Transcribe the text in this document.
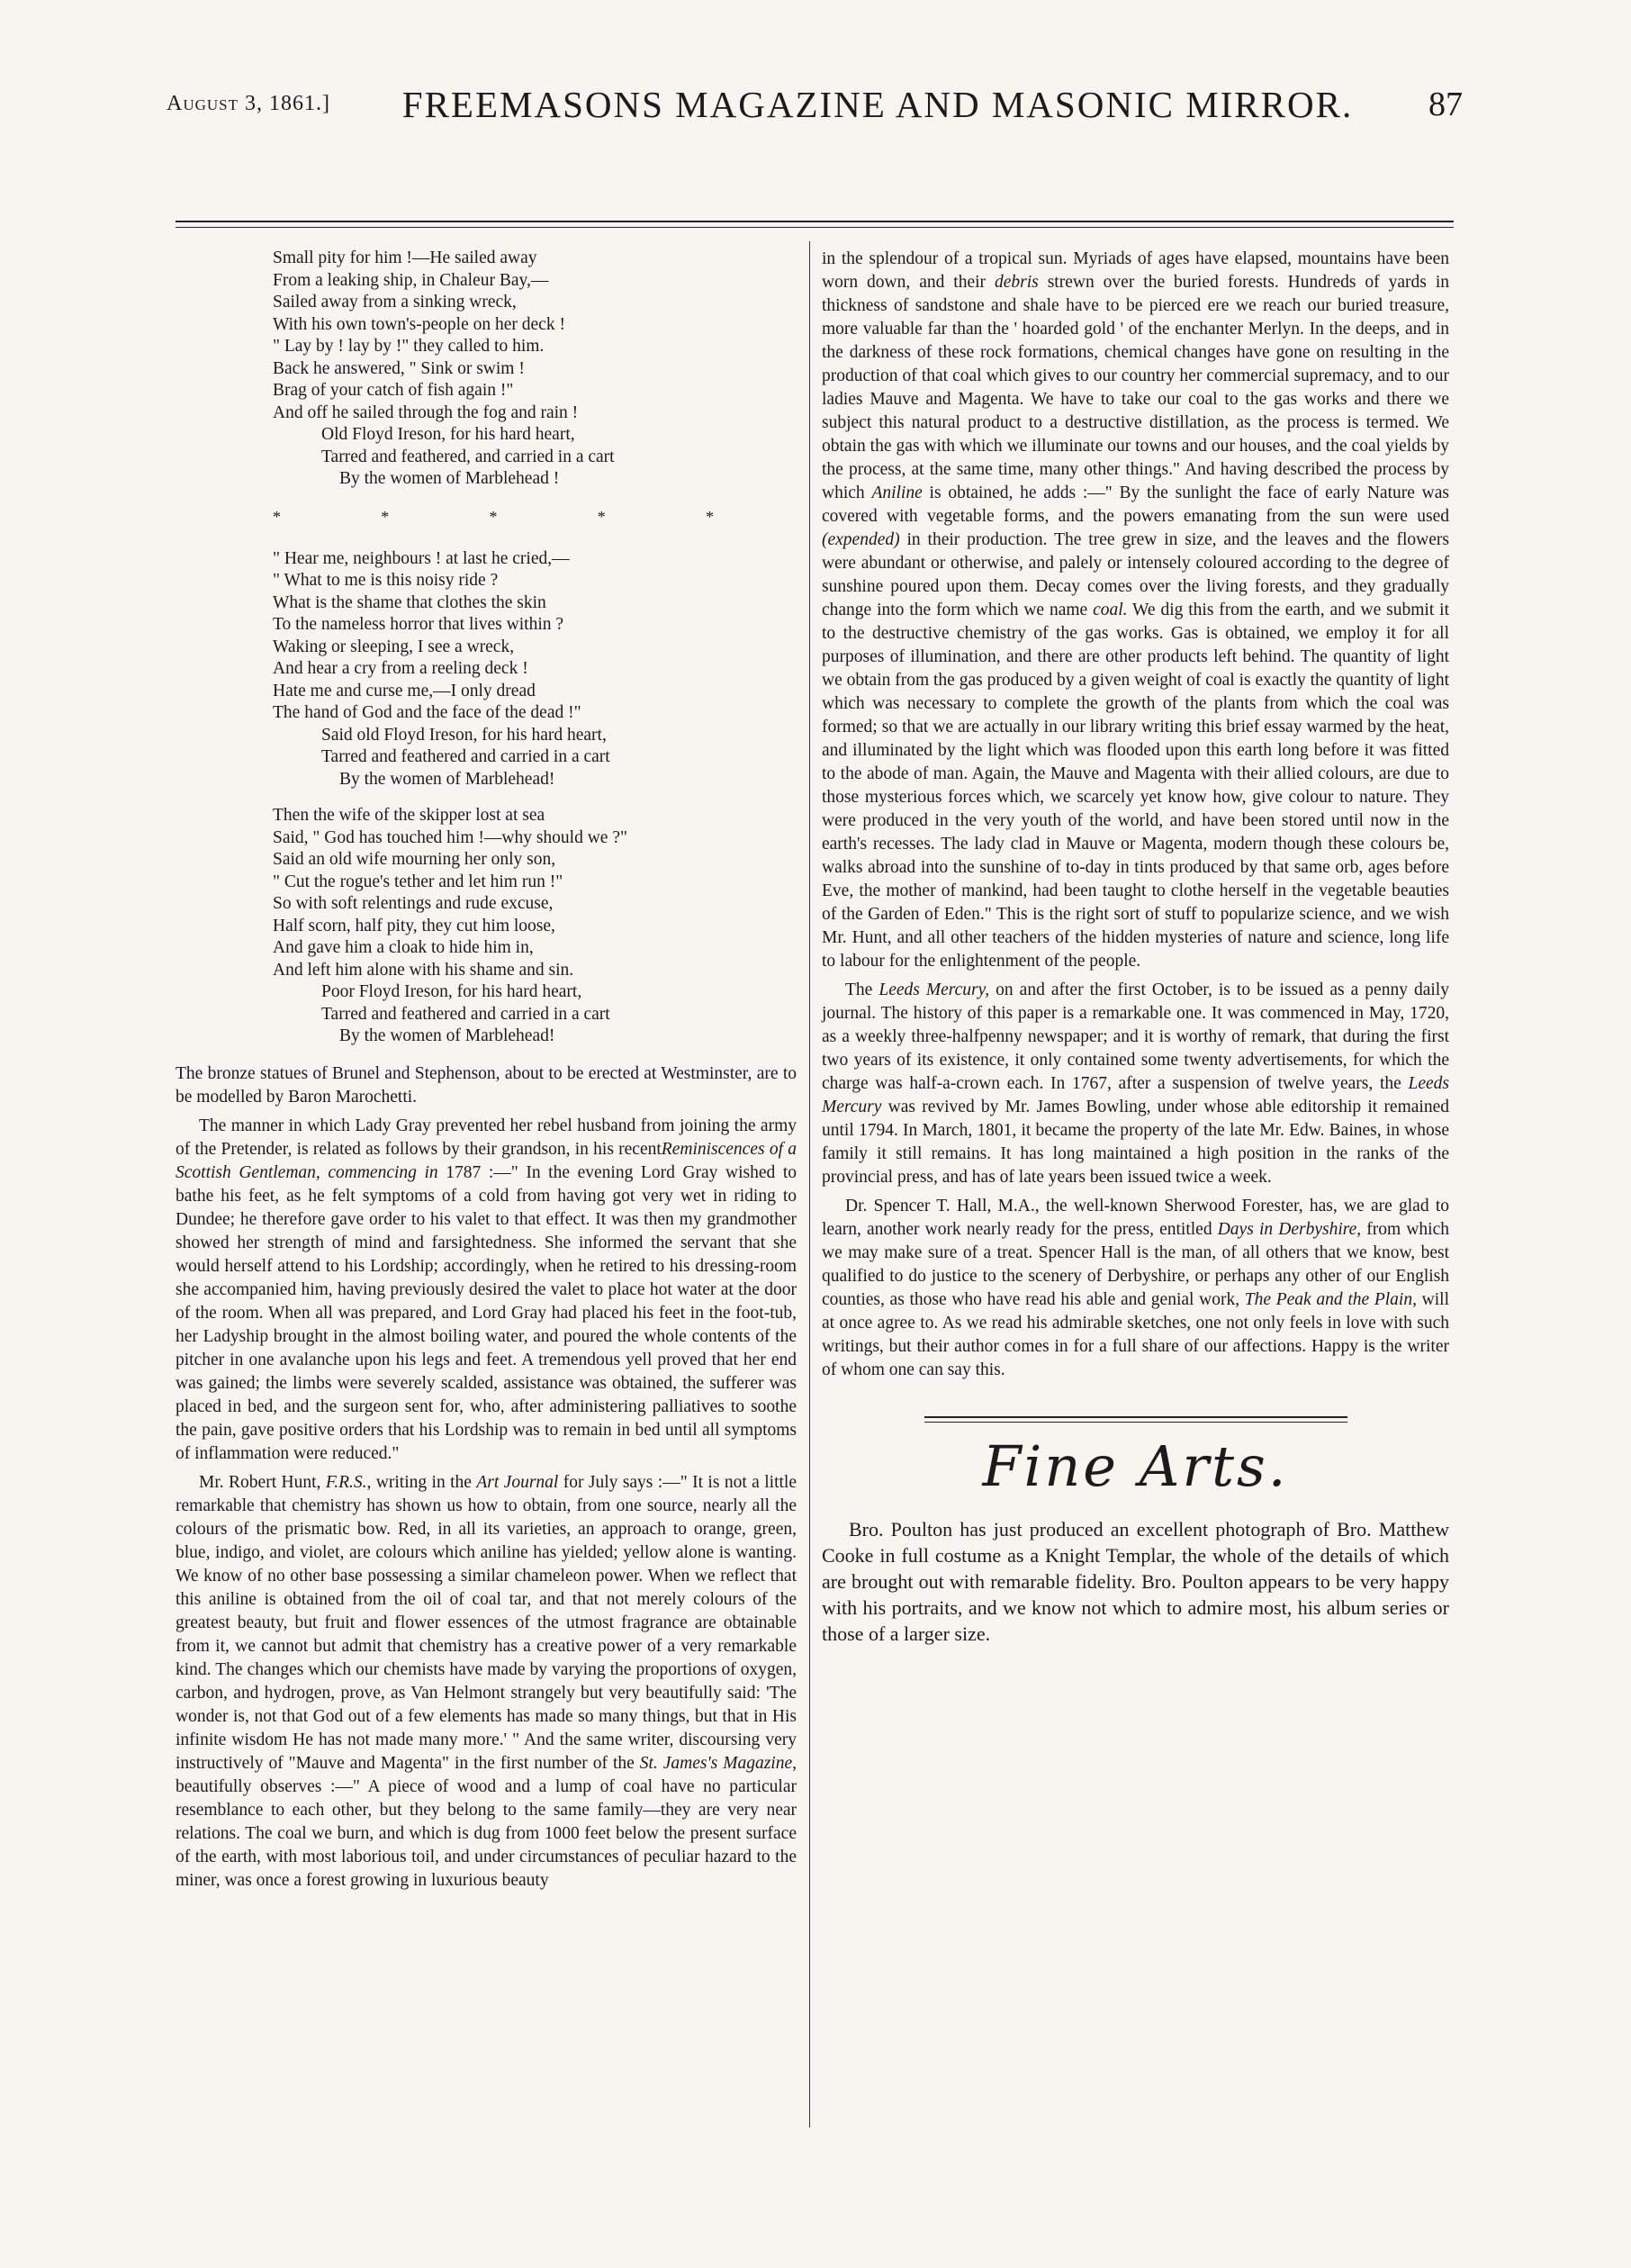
August 3, 1861.]	FREEMASONS MAGAZINE AND MASONIC MIRROR.	87
Small pity for him !—He sailed away
From a leaking ship, in Chaleur Bay,—
Sailed away from a sinking wreck,
With his own town's-people on her deck !
" Lay by ! lay by !" they called to him.
Back he answered, " Sink or swim !
Brag of your catch of fish again !"
And off he sailed through the fog and rain !
Old Floyd Ireson, for his hard heart,
Tarred and feathered, and carried in a cart
By the women of Marblehead !
*	*	*	*	*
" Hear me, neighbours ! at last he cried,—
" What to me is this noisy ride ?
What is the shame that clothes the skin
To the nameless horror that lives within ?
Waking or sleeping, I see a wreck,
And hear a cry from a reeling deck !
Hate me and curse me,—I only dread
The hand of God and the face of the dead !"
Said old Floyd Ireson, for his hard heart,
Tarred and feathered and carried in a cart
By the women of Marblehead!
Then the wife of the skipper lost at sea
Said, " God has touched him !—why should we ?"
Said an old wife mourning her only son,
" Cut the rogue's tether and let him run !"
So with soft relentings and rude excuse,
Half scorn, half pity, they cut him loose,
And gave him a cloak to hide him in,
And left him alone with his shame and sin.
Poor Floyd Ireson, for his hard heart,
Tarred and feathered and carried in a cart
By the women of Marblehead!

The bronze statues of Brunel and Stephenson, about to be erected at Westminster, are to be modelled by Baron Marochetti.

The manner in which Lady Gray prevented her rebel husband from joining the army of the Pretender, is related as follows by their grandson, in his recentReminiscences of a Scottish Gentleman, commencing in 1787 :—" In the evening Lord Gray wished to bathe his feet, as he felt symptoms of a cold from having got very wet in riding to Dundee; he therefore gave order to his valet to that effect. It was then my grandmother showed her strength of mind and farsightedness. She informed the servant that she would herself attend to his Lordship; accordingly, when he retired to his dressing-room she accompanied him, having previously desired the valet to place hot water at the door of the room. When all was prepared, and Lord Gray had placed his feet in the foot-tub, her Ladyship brought in the almost boiling water, and poured the whole contents of the pitcher in one avalanche upon his legs and feet. A tremendous yell proved that her end was gained; the limbs were severely scalded, assistance was obtained, the sufferer was placed in bed, and the surgeon sent for, who, after administering palliatives to soothe the pain, gave positive orders that his Lordship was to remain in bed until all symptoms of inflammation were reduced."

Mr. Robert Hunt, F.R.S., writing in the Art Journal for July says :—" It is not a little remarkable that chemistry has shown us how to obtain, from one source, nearly all the colours of the prismatic bow. Red, in all its varieties, an approach to orange, green, blue, indigo, and violet, are colours which aniline has yielded; yellow alone is wanting. We know of no other base possessing a similar chameleon power. When we reflect that this aniline is obtained from the oil of coal tar, and that not merely colours of the greatest beauty, but fruit and flower essences of the utmost fragrance are obtainable from it, we cannot but admit that chemistry has a creative power of a very remarkable kind. The changes which our chemists have made by varying the proportions of oxygen, carbon, and hydrogen, prove, as Van Helmont strangely but very beautifully said: 'The wonder is, not that God out of a few elements has made so many things, but that in His infinite wisdom He has not made many more.' " And the same writer, discoursing very instructively of "Mauve and Magenta" in the first number of the St. James's Magazine, beautifully observes :—" A piece of wood and a lump of coal have no particular resemblance to each other, but they belong to the same family—they are very near relations. The coal we burn, and which is dug from 1000 feet below the present surface of the earth, with most laborious toil, and under circumstances of peculiar hazard to the miner, was once a forest growing in luxurious beauty

in the splendour of a tropical sun. Myriads of ages have elapsed, mountains have been worn down, and their debris strewn over the buried forests. Hundreds of yards in thickness of sandstone and shale have to be pierced ere we reach our buried treasure, more valuable far than the ' hoarded gold ' of the enchanter Merlyn. In the deeps, and in the darkness of these rock formations, chemical changes have gone on resulting in the production of that coal which gives to our country her commercial supremacy, and to our ladies Mauve and Magenta. We have to take our coal to the gas works and there we subject this natural product to a destructive distillation, as the process is termed. We obtain the gas with which we illuminate our towns and our houses, and the coal yields by the process, at the same time, many other things." And having described the process by which Aniline is obtained, he adds :—" By the sunlight the face of early Nature was covered with vegetable forms, and the powers emanating from the sun were used (expended) in their production. The tree grew in size, and the leaves and the flowers were abundant or otherwise, and palely or intensely coloured according to the degree of sunshine poured upon them. Decay comes over the living forests, and they gradually change into the form which we name coal. We dig this from the earth, and we submit it to the destructive chemistry of the gas works. Gas is obtained, we employ it for all purposes of illumination, and there are other products left behind. The quantity of light we obtain from the gas produced by a given weight of coal is exactly the quantity of light which was necessary to complete the growth of the plants from which the coal was formed; so that we are actually in our library writing this brief essay warmed by the heat, and illuminated by the light which was flooded upon this earth long before it was fitted to the abode of man. Again, the Mauve and Magenta with their allied colours, are due to those mysterious forces which, we scarcely yet know how, give colour to nature. They were produced in the very youth of the world, and have been stored until now in the earth's recesses. The lady clad in Mauve or Magenta, modern though these colours be, walks abroad into the sunshine of to-day in tints produced by that same orb, ages before Eve, the mother of mankind, had been taught to clothe herself in the vegetable beauties of the Garden of Eden." This is the right sort of stuff to popularize science, and we wish Mr. Hunt, and all other teachers of the hidden mysteries of nature and science, long life to labour for the enlightenment of the people.

The Leeds Mercury, on and after the first October, is to be issued as a penny daily journal. The history of this paper is a remarkable one. It was commenced in May, 1720, as a weekly three-halfpenny newspaper; and it is worthy of remark, that during the first two years of its existence, it only contained some twenty advertisements, for which the charge was half-a-crown each. In 1767, after a suspension of twelve years, the Leeds Mercury was revived by Mr. James Bowling, under whose able editorship it remained until 1794. In March, 1801, it became the property of the late Mr. Edw. Baines, in whose family it still remains. It has long maintained a high position in the ranks of the provincial press, and has of late years been issued twice a week.

Dr. Spencer T. Hall, M.A., the well-known Sherwood Forester, has, we are glad to learn, another work nearly ready for the press, entitled Days in Derbyshire, from which we may make sure of a treat. Spencer Hall is the man, of all others that we know, best qualified to do justice to the scenery of Derbyshire, or perhaps any other of our English counties, as those who have read his able and genial work, The Peak and the Plain, will at once agree to. As we read his admirable sketches, one not only feels in love with such writings, but their author comes in for a full share of our affections. Happy is the writer of whom one can say this.

Fine Arts.

Bro. Poulton has just produced an excellent photograph of Bro. Matthew Cooke in full costume as a Knight Templar, the whole of the details of which are brought out with remarable fidelity. Bro. Poulton appears to be very happy with his portraits, and we know not which to admire most, his album series or those of a larger size.
